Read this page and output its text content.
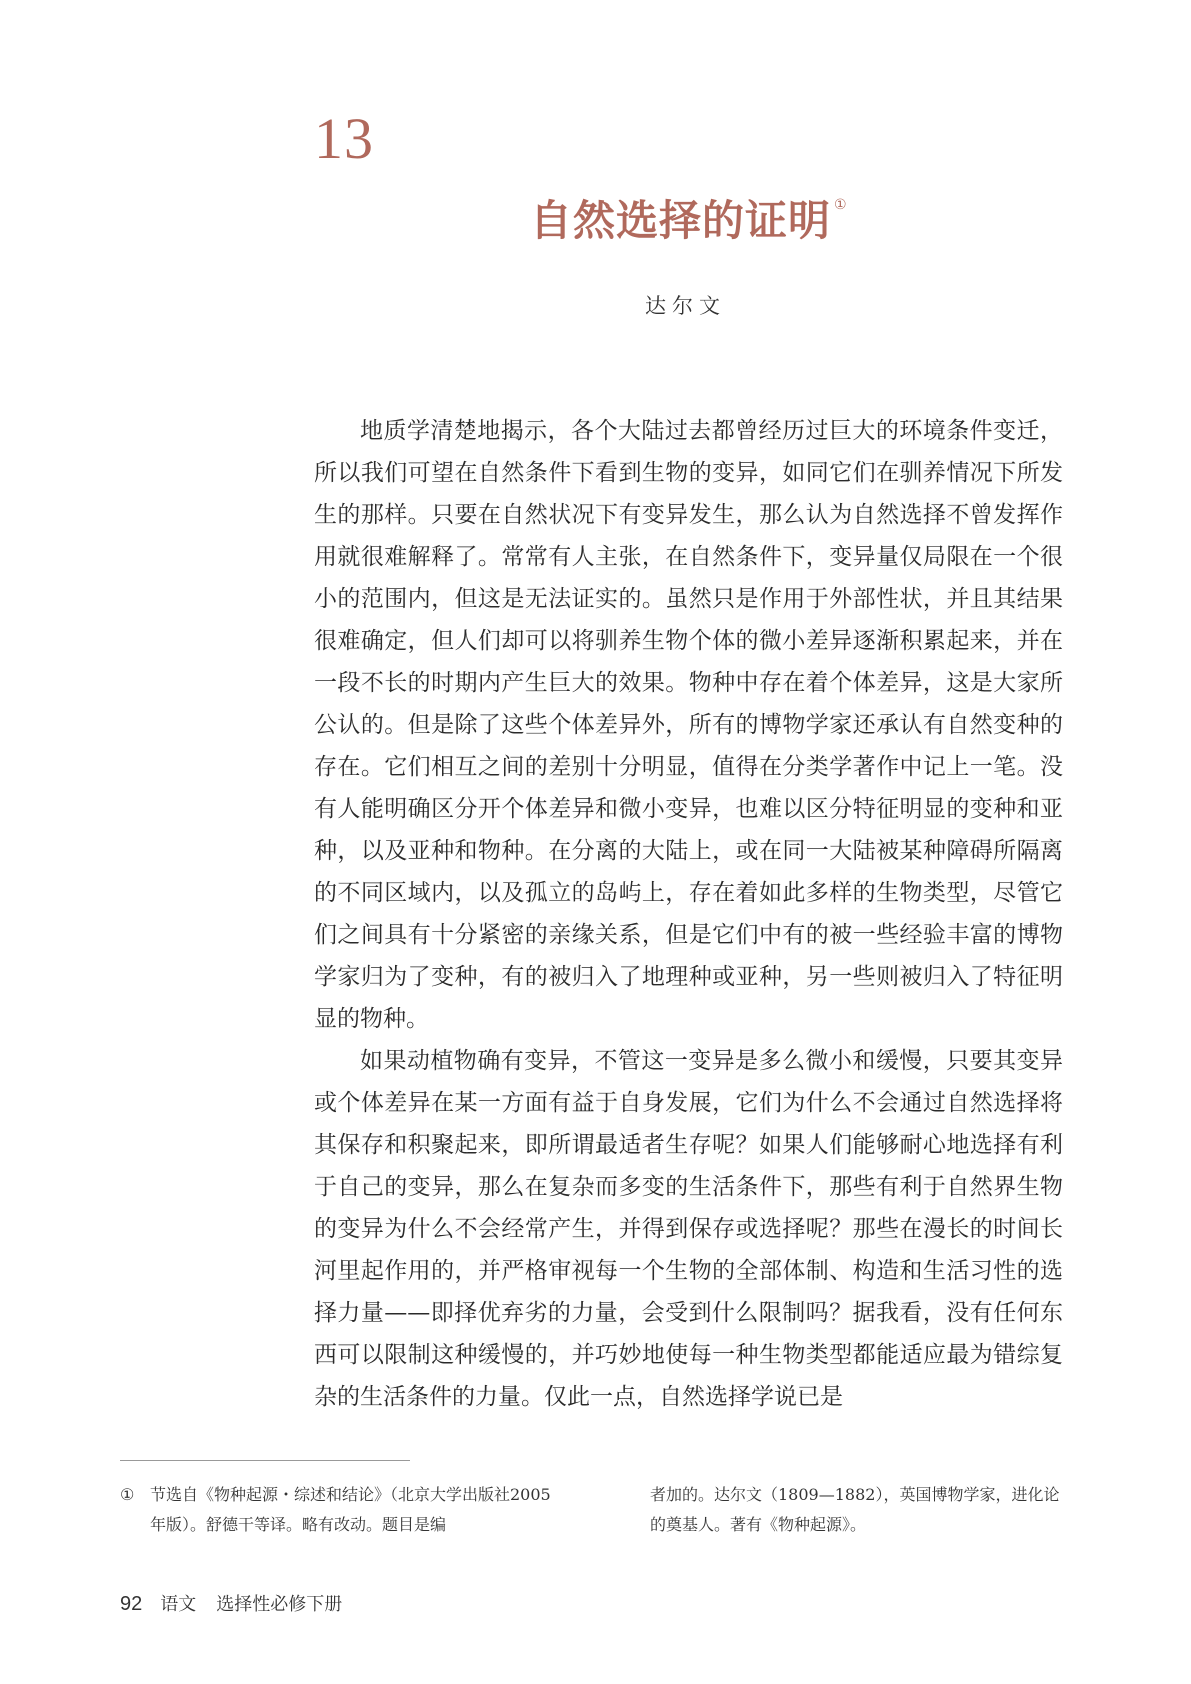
13
自然选择的证明 ①
达尔文

地质学清楚地揭示，各个大陆过去都曾经历过巨大的环境条件变迁，所以我们可望在自然条件下看到生物的变异，如同它们在驯养情况下所发生的那样。只要在自然状况下有变异发生，那么认为自然选择不曾发挥作用就很难解释了。常常有人主张，在自然条件下，变异量仅局限在一个很小的范围内，但这是无法证实的。虽然只是作用于外部性状，并且其结果很难确定，但人们却可以将驯养生物个体的微小差异逐渐积累起来，并在一段不长的时期内产生巨大的效果。物种中存在着个体差异，这是大家所公认的。但是除了这些个体差异外，所有的博物学家还承认有自然变种的存在。它们相互之间的差别十分明显，值得在分类学著作中记上一笔。没有人能明确区分开个体差异和微小变异，也难以区分特征明显的变种和亚种，以及亚种和物种。在分离的大陆上，或在同一大陆被某种障碍所隔离的不同区域内，以及孤立的岛屿上，存在着如此多样的生物类型，尽管它们之间具有十分紧密的亲缘关系，但是它们中有的被一些经验丰富的博物学家归为了变种，有的被归入了地理种或亚种，另一些则被归入了特征明显的物种。

如果动植物确有变异，不管这一变异是多么微小和缓慢，只要其变异或个体差异在某一方面有益于自身发展，它们为什么不会通过自然选择将其保存和积聚起来，即所谓最适者生存呢？如果人们能够耐心地选择有利于自己的变异，那么在复杂而多变的生活条件下，那些有利于自然界生物的变异为什么不会经常产生，并得到保存或选择呢？那些在漫长的时间长河里起作用的，并严格审视每一个生物的全部体制、构造和生活习性的选择力量——即择优弃劣的力量，会受到什么限制吗？据我看，没有任何东西可以限制这种缓慢的，并巧妙地使每一种生物类型都能适应最为错综复杂的生活条件的力量。仅此一点，自然选择学说已是

① 节选自《物种起源・综述和结论》（北京大学出版社2005年版）。舒德干等译。略有改动。题目是编
者加的。达尔文（1809—1882），英国博物学家，进化论的奠基人。著有《物种起源》。
92 语文 选择性必修下册
